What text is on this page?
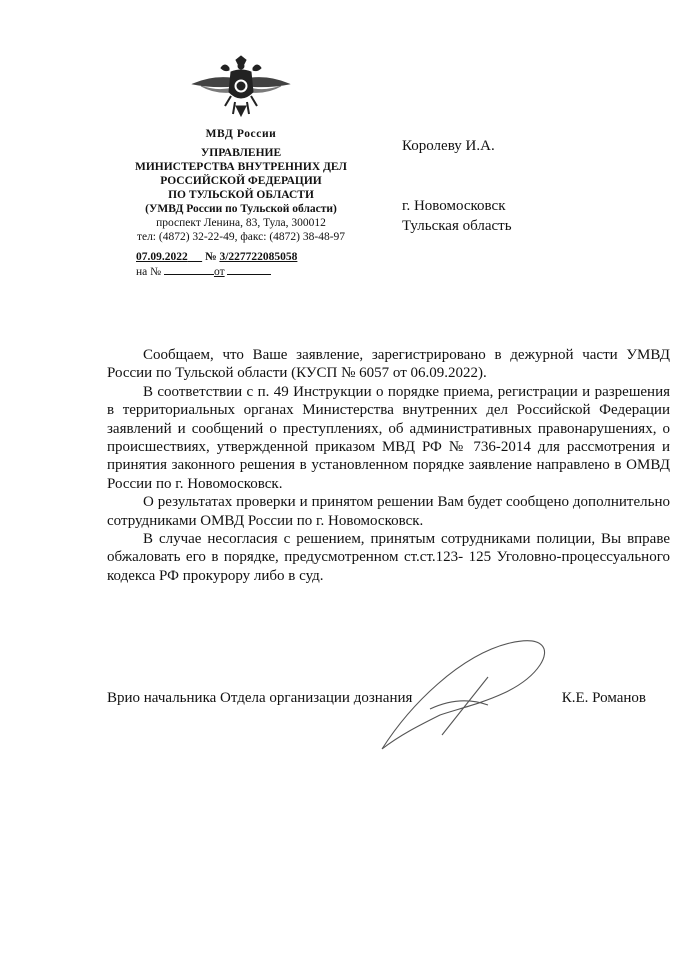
МВД России
УПРАВЛЕНИЕ
МИНИСТЕРСТВА ВНУТРЕННИХ ДЕЛ
РОССИЙСКОЙ ФЕДЕРАЦИИ
ПО ТУЛЬСКОЙ ОБЛАСТИ
(УМВД России по Тульской области)
проспект Ленина, 83, Тула, 300012
тел: (4872) 32-22-49, факс: (4872) 38-48-97
07.09.2022 № 3/227722085058
на №	от
Королеву И.А.
г. Новомосковск
Тульская область

Сообщаем, что Ваше заявление, зарегистрировано в дежурной части УМВД России по Тульской области (КУСП № 6057 от 06.09.2022).

В соответствии с п. 49 Инструкции о порядке приема, регистрации и разрешения в территориальных органах Министерства внутренних дел Российской Федерации заявлений и сообщений о преступлениях, об административных правонарушениях, о происшествиях, утвержденной приказом МВД РФ № 736-2014 для рассмотрения и принятия законного решения в установленном порядке заявление направлено в ОМВД России по г. Новомосковск.

О результатах проверки и принятом решении Вам будет сообщено дополнительно сотрудниками ОМВД России по г. Новомосковск.

В случае несогласия с решением, принятым сотрудниками полиции, Вы вправе обжаловать его в порядке, предусмотренном ст.ст.123- 125 Уголовно-процессуального кодекса РФ прокурору либо в суд.

Врио начальника Отдела организации дознания	К.Е. Романов
